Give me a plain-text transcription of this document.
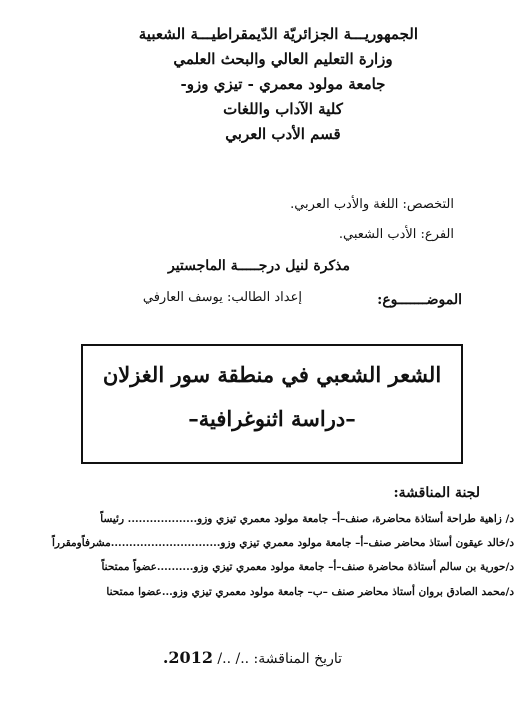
الجمهوريـــة الجزائريّة الدّيمقراطيـــة الشعبية
وزارة التعليم العالي والبحث العلمي
جامعة مولود معمري - تيزي وزو-
كلية الآداب واللغات
قسم الأدب العربي
التخصص: اللغة والأدب العربي.
الفرع: الأدب الشعبي.
مذكرة لنيل درجـــــة الماجستير
الموضـــــــوع:
إعداد الطالب: يوسف العارفي
الشعر الشعبي في منطقة سور الغزلان
–دراسة اثنوغرافية–
لجنة المناقشة:
د/ زاهية طراحة أستاذة محاضرة، صنف–أ– جامعة مولود معمري تيزي وزو................... رئيساً
د/خالد عيقون أستاذ محاضر صنف–أ– جامعة مولود معمري تيزي وزو..............................مشرفاًومقرراً
د/حورية بن سالم أستاذة محاضرة صنف–أ– جامعة مولود معمري تيزي وزو..........عضواً ممتحناً
د/محمد الصادق بروان أستاذ محاضر صنف –ب– جامعة مولود معمري تيزي وزو...عضوا ممتحنا
تاريخ المناقشة: ../ ../ 2012.
